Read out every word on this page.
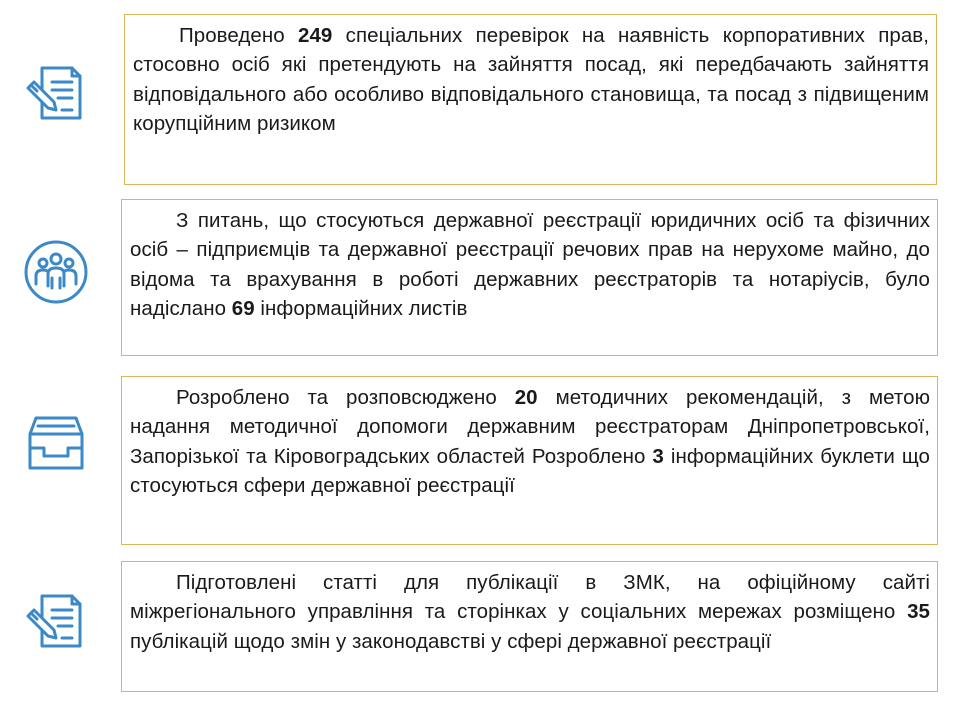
Проведено 249 спеціальних перевірок на наявність корпоративних прав, стосовно осіб які претендують на зайняття посад, які передбачають зайняття відповідального або особливо відповідального становища, та посад з підвищеним корупційним ризиком

З питань, що стосуються державної реєстрації юридичних осіб та фізичних осіб – підприємців та державної реєстрації речових прав на нерухоме майно, до відома та врахування в роботі державних реєстраторів та нотаріусів, було надіслано 69 інформаційних листів

Розроблено та розповсюджено 20 методичних рекомендацій, з метою надання методичної допомоги державним реєстраторам Дніпропетровської, Запорізької та Кіровоградських областей Розроблено 3 інформаційних буклети що стосуються сфери державної реєстрації

Підготовлені статті для публікації в ЗМК, на офіційному сайті міжрегіонального управління та сторінках у соціальних мережах розміщено 35 публікацій щодо змін у законодавстві у сфері державної реєстрації
